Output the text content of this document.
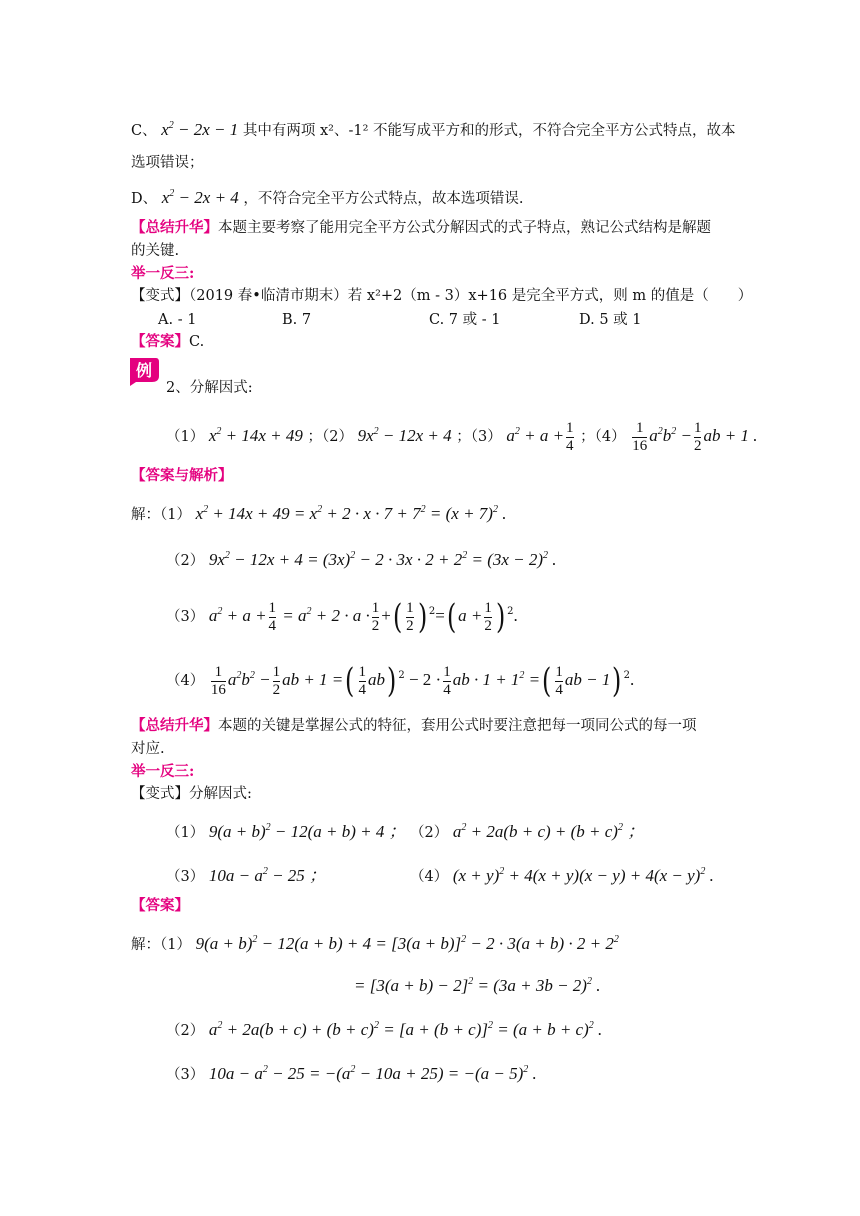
C、 $x^2 - 2x - 1$ 其中有两项 x²、-1² 不能写成平方和的形式，不符合完全平方公式特点，故本
选项错误；
D、 $x^2 - 2x + 4$ ，不符合完全平方公式特点，故本选项错误.
【总结升华】本题主要考察了能用完全平方公式分解因式的式子特点，熟记公式结构是解题
的关键.
举一反三:
【变式】（2019 春•临清市期末）若 x²+2（m - 3）x+16 是完全平方式，则 m 的值是（　　）
A. - 1	B. 7	C. 7 或 - 1	D. 5 或 1
【答案】C.
例
2、分解因式:
（1） $x^2 + 14x + 49$ ；（2） $9x^2 - 12x + 4$ ；（3） $a^2 + a + \frac{1}{4}$ ；$(4) \frac{1}{16} a^2b^2 - \frac{1}{2}$ ab + 1 .
【答案与解析】
解：（1） $x^2 + 14x + 49 = x^2 + 2 \cdot x \cdot 7 + 7^2 = (x + 7)^2$ .
（2） $9x^2 - 12x + 4 = (3x)^2 - 2 \cdot 3x \cdot 2 + 2^2 = (3x - 2)^2$ .
（3） $a^2 + a + \frac{1}{4} = a^2 + 2 \cdot a \cdot \frac{1}{2}$ +( $\frac{1}{2}$ ) $^2$=( $a + \frac{1}{2}$ ) $^2$.
$(4) \frac{1}{16} a^2b^2 - \frac{1}{2}$ ab + 1 =( $\frac{1}{4} ab$) $^2 - 2 \cdot \frac{1}{4}$ ab · $1 + 1^2$ =( $\frac{1}{4}$ ab − 1) $^2$.
【总结升华】本题的关键是掌握公式的特征，套用公式时要注意把每一项同公式的每一项
对应.
举一反三:
【变式】分解因式:
（1） $9(a + b)^2 - 12(a + b) + 4$ ； （2） $a^2 + 2a(b + c) + (b + c)^2$ ；
（3） $10a - a^2 - 25$ ；	（4） $(x + y)^2 + 4(x + y)(x - y) + 4(x - y)^2$ .
【答案】
解：（1） $9(a + b)^2 - 12(a + b) + 4 = [3(a + b)]^2 - 2 \cdot 3(a + b) \cdot 2 + 2^2$
= $[3(a + b) - 2]^2 = (3a + 3b - 2)^2$ .
（2） $a^2 + 2a(b + c) + (b + c)^2 = [a + (b + c)]^2 = (a + b + c)^2$ .
（3） $10a - a^2 - 25 = -(a^2 - 10a + 25) = -(a - 5)^2$ .
